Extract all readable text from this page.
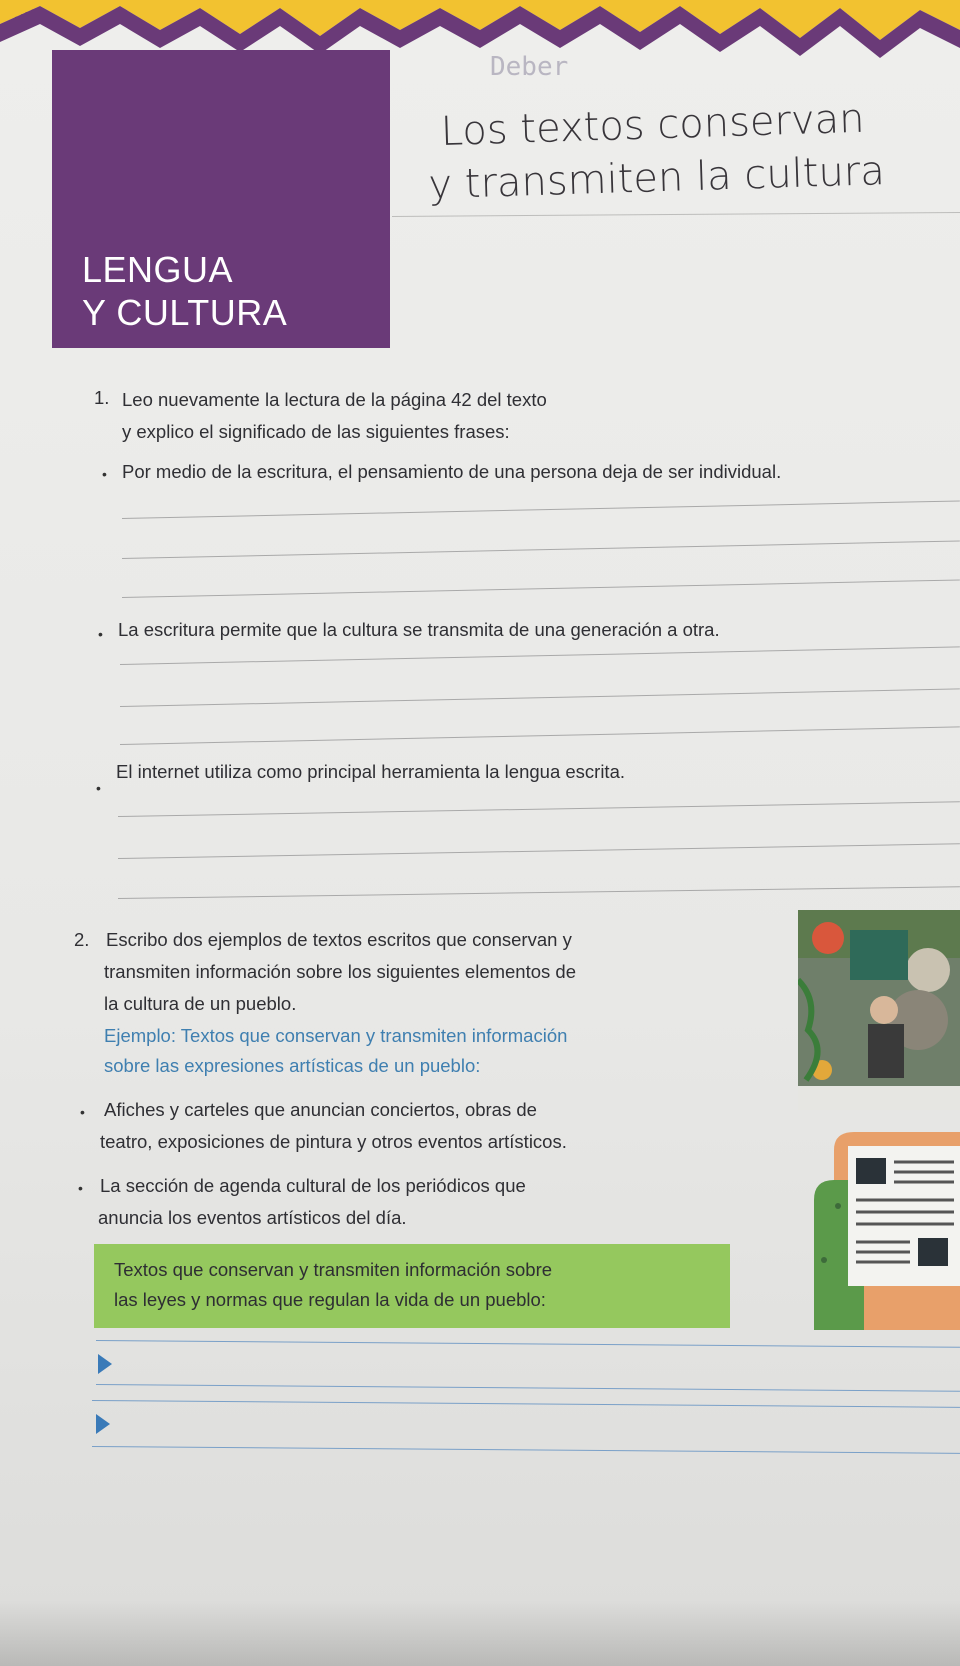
LENGUA
Y CULTURA
Deber
Los textos conservan
y transmiten la cultura
1. Leo nuevamente la lectura de la página 42 del texto
y explico el significado de las siguientes frases:
• Por medio de la escritura, el pensamiento de una persona deja de ser individual.
• La escritura permite que la cultura se transmita de una generación a otra.
•
El internet utiliza como principal herramienta la lengua escrita.
2. Escribo dos ejemplos de textos escritos que conservan y
transmiten información sobre los siguientes elementos de
la cultura de un pueblo.
Ejemplo: Textos que conservan y transmiten información
sobre las expresiones artísticas de un pueblo:
• Afiches y carteles que anuncian conciertos, obras de
teatro, exposiciones de pintura y otros eventos artísticos.
• La sección de agenda cultural de los periódicos que
anuncia los eventos artísticos del día.
Textos que conservan y transmiten información sobre
las leyes y normas que regulan la vida de un pueblo:
